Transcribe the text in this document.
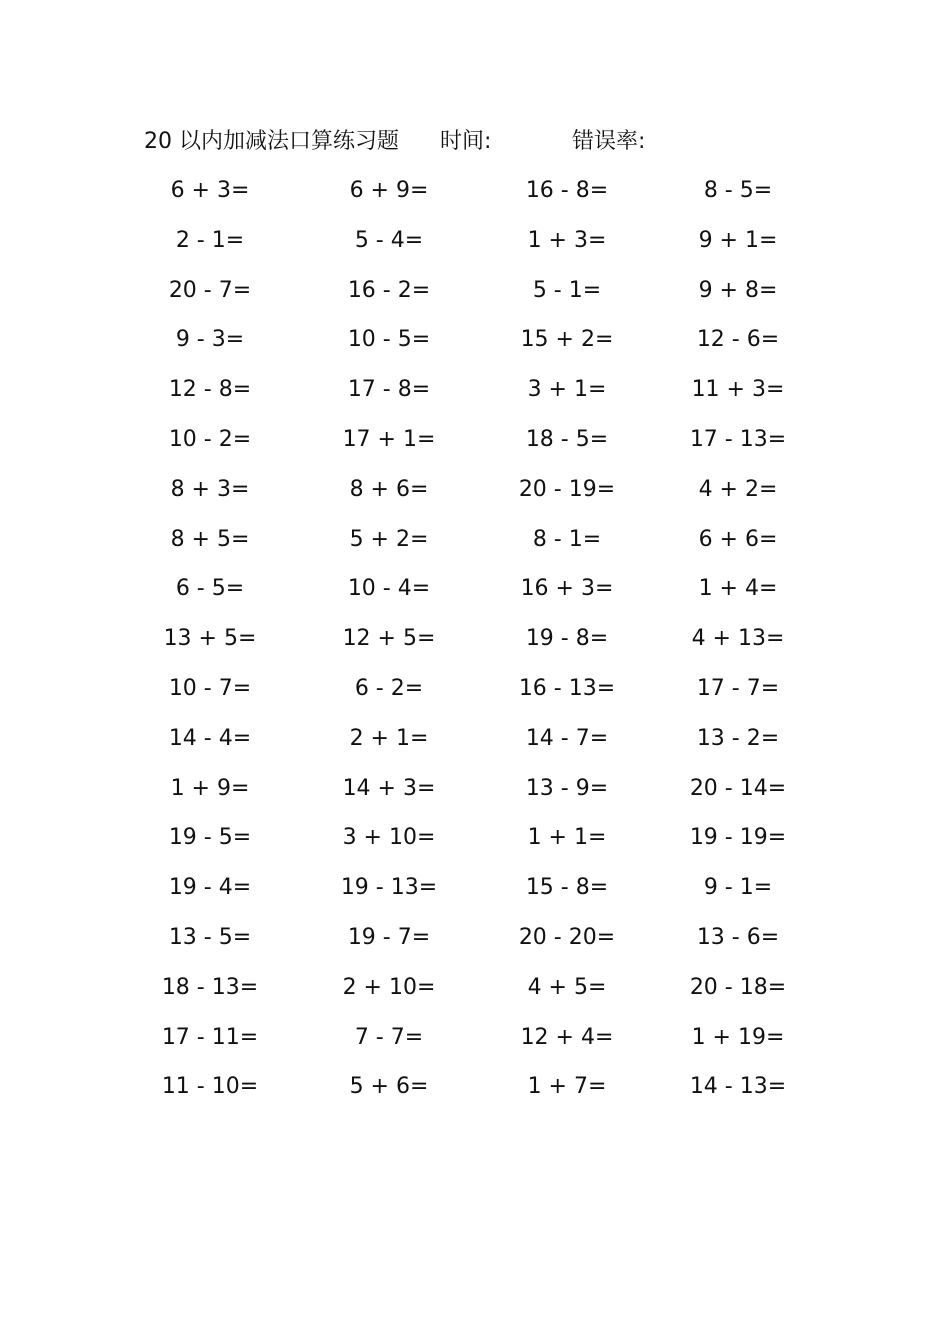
20 以内加减法口算练习题 时间:	错误率:
6 + 3=	6 + 9=	16 - 8=	8 - 5=
2 - 1=	5 - 4=	1 + 3=	9 + 1=
20 - 7=	16 - 2=	5 - 1=	9 + 8=
9 - 3=	10 - 5=	15 + 2=	12 - 6=
12 - 8=	17 - 8=	3 + 1=	11 + 3=
10 - 2=	17 + 1=	18 - 5=	17 - 13=
8 + 3=	8 + 6=	20 - 19=	4 + 2=
8 + 5=	5 + 2=	8 - 1=	6 + 6=
6 - 5=	10 - 4=	16 + 3=	1 + 4=
13 + 5=	12 + 5=	19 - 8=	4 + 13=
10 - 7=	6 - 2=	16 - 13=	17 - 7=
14 - 4=	2 + 1=	14 - 7=	13 - 2=
1 + 9=	14 + 3=	13 - 9=	20 - 14=
19 - 5=	3 + 10=	1 + 1=	19 - 19=
19 - 4=	19 - 13=	15 - 8=	9 - 1=
13 - 5=	19 - 7=	20 - 20=	13 - 6=
18 - 13=	2 + 10=	4 + 5=	20 - 18=
17 - 11=	7 - 7=	12 + 4=	1 + 19=
11 - 10=	5 + 6=	1 + 7=	14 - 13=
